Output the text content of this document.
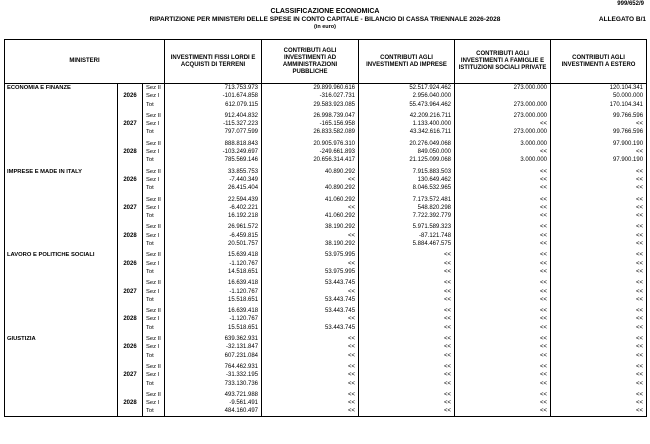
999/652/9
CLASSIFICAZIONE ECONOMICA
RIPARTIZIONE PER MINISTERI DELLE SPESE IN CONTO CAPITALE - BILANCIO DI CASSA TRIENNALE 2026-2028
(in euro)
ALLEGATO B/1
MINISTERI			INVESTIMENTI FISSI LORDI E ACQUISTI DI TERRENI	CONTRIBUTI AGLI INVESTIMENTI AD AMMINISTRAZIONI PUBBLICHE	CONTRIBUTI AGLI INVESTIMENTI AD IMPRESE	CONTRIBUTI AGLI INVESTIMENTI A FAMIGLIE E ISTITUZIONI SOCIALI PRIVATE	CONTRIBUTI AGLI INVESTIMENTI A ESTERO
ECONOMIA E FINANZE		Sez II	713.753.973	29.899.960.616	52.517.924.462	273.000.000	120.104.341
	2026	Sez I	-101.674.858	-316.027.731	2.956.040.000		50.000.000
		Tot	612.079.115	29.583.923.085	55.473.964.462	273.000.000	170.104.341

		Sez II	912.404.832	26.998.739.047	42.209.216.711	273.000.000	99.766.596
	2027	Sez I	-115.327.223	-165.156.958	1.133.400.000	<<	<<
		Tot	797.077.599	26.833.582.089	43.342.616.711	273.000.000	99.766.596

		Sez II	888.818.843	20.905.976.310	20.276.049.068	3.000.000	97.900.190
	2028	Sez I	-103.249.697	-249.661.893	849.050.000	<<	<<
		Tot	785.569.146	20.656.314.417	21.125.099.068	3.000.000	97.900.190

IMPRESE E MADE IN ITALY		Sez II	33.855.753	40.890.292	7.915.883.503	<<	<<
	2026	Sez I	-7.440.349	<<	130.649.462	<<	<<
		Tot	26.415.404	40.890.292	8.046.532.965	<<	<<

		Sez II	22.594.439	41.060.292	7.173.572.481	<<	<<
	2027	Sez I	-6.402.221	<<	548.820.298	<<	<<
		Tot	16.192.218	41.060.292	7.722.392.779	<<	<<

		Sez II	26.961.572	38.190.292	5.971.589.323	<<	<<
	2028	Sez I	-6.459.815	<<	-87.121.748	<<	<<
		Tot	20.501.757	38.190.292	5.884.467.575	<<	<<

LAVORO E POLITICHE SOCIALI		Sez II	15.639.418	53.975.995	<<	<<	<<
	2026	Sez I	-1.120.767	<<	<<	<<	<<
		Tot	14.518.651	53.975.995	<<	<<	<<

		Sez II	16.639.418	53.443.745	<<	<<	<<
	2027	Sez I	-1.120.767	<<	<<	<<	<<
		Tot	15.518.651	53.443.745	<<	<<	<<

		Sez II	16.639.418	53.443.745	<<	<<	<<
	2028	Sez I	-1.120.767	<<	<<	<<	<<
		Tot	15.518.651	53.443.745	<<	<<	<<

GIUSTIZIA		Sez II	639.362.931	<<	<<	<<	<<
	2026	Sez I	-32.131.847	<<	<<	<<	<<
		Tot	607.231.084	<<	<<	<<	<<

		Sez II	764.462.931	<<	<<	<<	<<
	2027	Sez I	-31.332.195	<<	<<	<<	<<
		Tot	733.130.736	<<	<<	<<	<<

		Sez II	493.721.988	<<	<<	<<	<<
	2028	Sez I	-9.561.491	<<	<<	<<	<<
		Tot	484.160.497	<<	<<	<<	<<
